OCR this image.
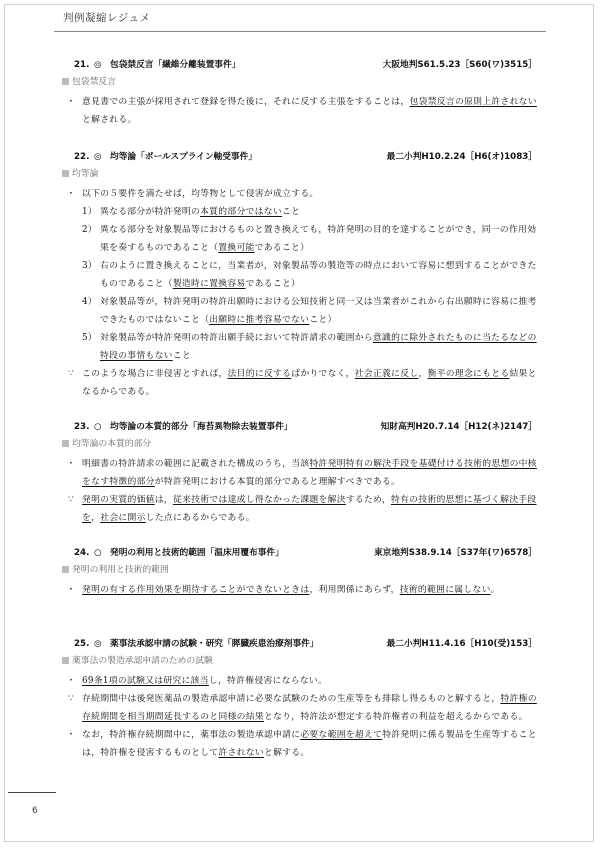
判例凝縮レジュメ
21. ◎ 包袋禁反言「繊維分離装置事件」	大阪地判S61.5.23［S60(ワ)3515］
包袋禁反言
・ 意見書での主張が採用されて登録を得た後に，それに反する主張をすることは，包袋禁反言の原則上許されないと解される。
22. ◎ 均等論「ボールスプライン軸受事件」	最二小判H10.2.24［H6(オ)1083］
均等論
・ 以下の５要件を満たせば，均等物として侵害が成立する。
1） 異なる部分が特許発明の本質的部分ではないこと
2） 異なる部分を対象製品等におけるものと置き換えても，特許発明の目的を達することができ，同一の作用効果を奏するものであること（置換可能であること）
3） 右のように置き換えることに，当業者が，対象製品等の製造等の時点において容易に想到することができたものであること（製造時に置換容易であること）
4） 対象製品等が，特許発明の特許出願時における公知技術と同一又は当業者がこれから右出願時に容易に推考できたものではないこと（出願時に推考容易でないこと）
5） 対象製品等が特許発明の特許出願手続において特許請求の範囲から意識的に除外されたものに当たるなどの特段の事情もないこと
∵ このような場合に非侵害とすれば，法目的に反するばかりでなく，社会正義に反し，衡平の理念にもとる結果となるからである。
23. ○ 均等論の本質的部分「海苔異物除去装置事件」	知財高判H20.7.14［H12(ネ)2147］
均等論の本質的部分
・ 明細書の特許請求の範囲に記載された構成のうち，当該特許発明特有の解決手段を基礎付ける技術的思想の中核をなす特徴的部分が特許発明における本質的部分であると理解すべきである。
∵ 発明の実質的価値は，従来技術では達成し得なかった課題を解決するため，特有の技術的思想に基づく解決手段を，社会に開示した点にあるからである。
24. ○ 発明の利用と技術的範囲「温床用覆布事件」	東京地判S38.9.14［S37年(ワ)6578］
発明の利用と技術的範囲
・ 発明の有する作用効果を期待することができないときは，利用関係にあらず，技術的範囲に属しない。
25. ◎ 薬事法承認申請の試験・研究「膵臓疾患治療剤事件」	最二小判H11.4.16［H10(受)153］
薬事法の製造承認申請のための試験
・ 69条1項の試験又は研究に該当し，特許権侵害にならない。
∵ 存続期間中は後発医薬品の製造承認申請に必要な試験のための生産等をも排除し得るものと解すると，特許権の存続期間を相当期間延長するのと同様の結果となり，特許法が想定する特許権者の利益を超えるからである。
・ なお，特許権存続期間中に，薬事法の製造承認申請に必要な範囲を超えて特許発明に係る製品を生産等することは，特許権を侵害するものとして許されないと解する。
6
